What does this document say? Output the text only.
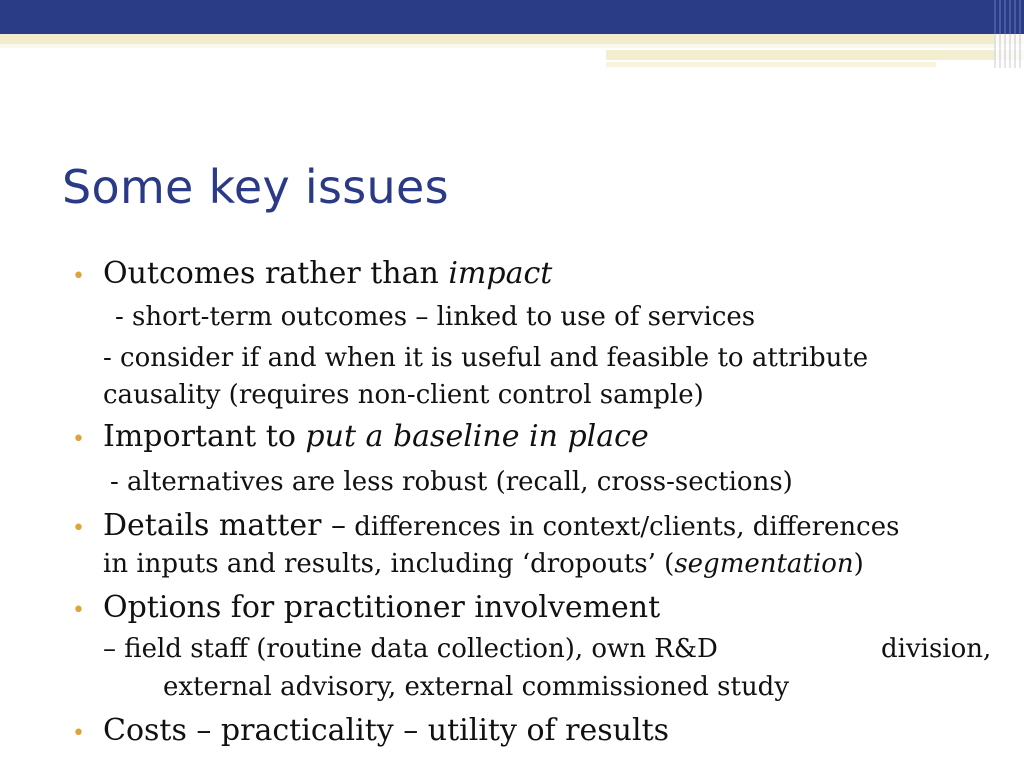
Some key issues
• Outcomes rather than impact

- short-term outcomes – linked to use of services

- consider if and when it is useful and feasible to attribute

causality (requires non-client control sample)

• Important to put a baseline in place

- alternatives are less robust (recall, cross-sections)

• Details matter – differences in context/clients, differences

in inputs and results, including ‘dropouts’ (segmentation)

• Options for practitioner involvement

– field staff (routine data collection), own R&D	division,

external advisory, external commissioned study

• Costs – practicality – utility of results
